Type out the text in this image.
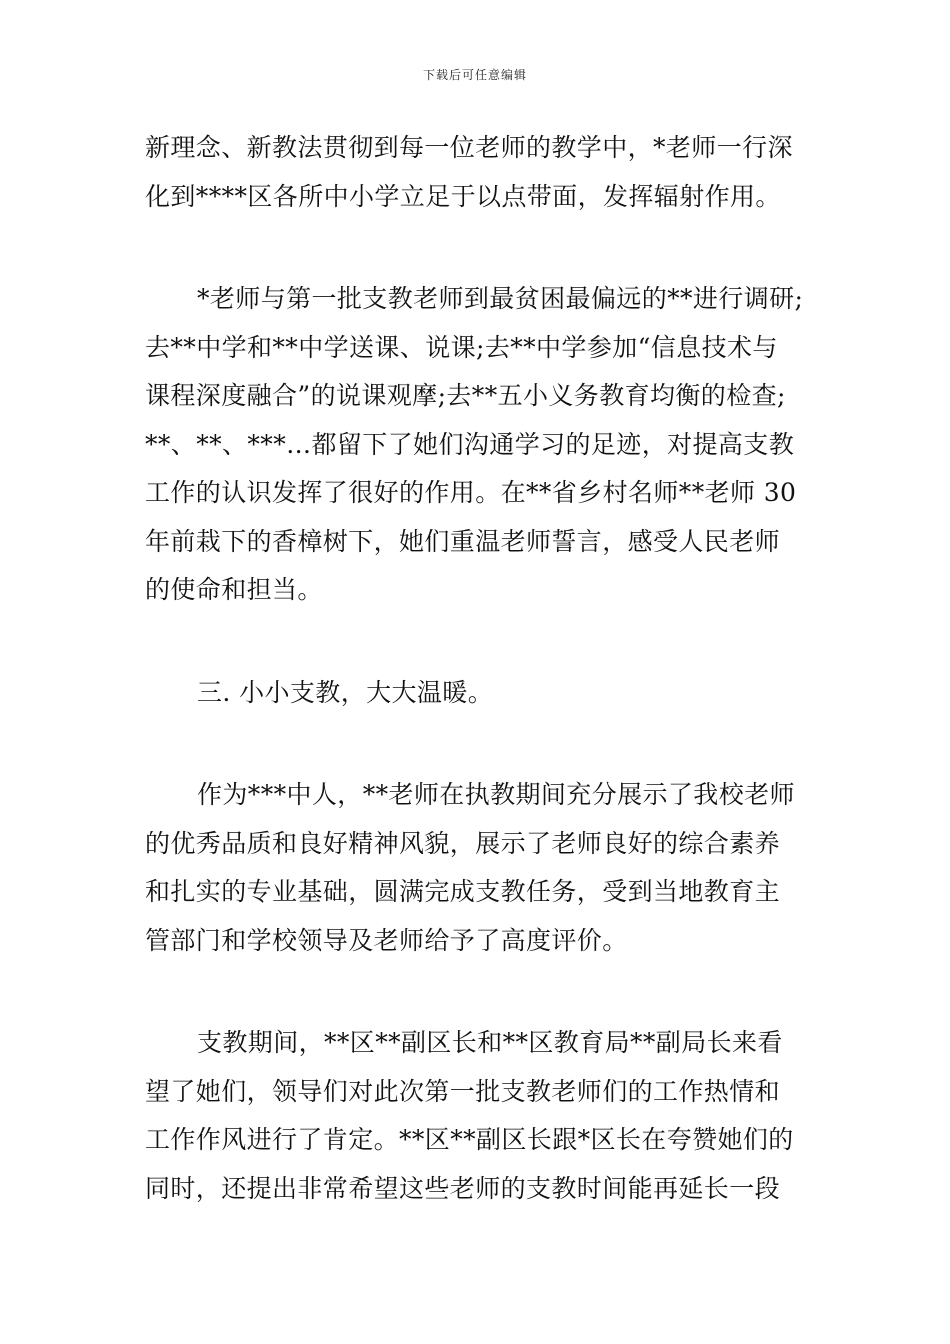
下载后可任意编辑

新理念、新教法贯彻到每一位老师的教学中，*老师一行深
化到****区各所中小学立足于以点带面，发挥辐射作用。

*老师与第一批支教老师到最贫困最偏远的**进行调研;
去**中学和**中学送课、说课;去**中学参加“信息技术与
课程深度融合”的说课观摩;去**五小义务教育均衡的检查;
**、**、***…都留下了她们沟通学习的足迹，对提高支教
工作的认识发挥了很好的作用。在**省乡村名师**老师 30
年前栽下的香樟树下，她们重温老师誓言，感受人民老师
的使命和担当。

三. 小小支教，大大温暖。

作为***中人，**老师在执教期间充分展示了我校老师
的优秀品质和良好精神风貌，展示了老师良好的综合素养
和扎实的专业基础，圆满完成支教任务，受到当地教育主
管部门和学校领导及老师给予了高度评价。

支教期间，**区**副区长和**区教育局**副局长来看
望了她们，领导们对此次第一批支教老师们的工作热情和
工作作风进行了肯定。**区**副区长跟*区长在夸赞她们的
同时，还提出非常希望这些老师的支教时间能再延长一段
